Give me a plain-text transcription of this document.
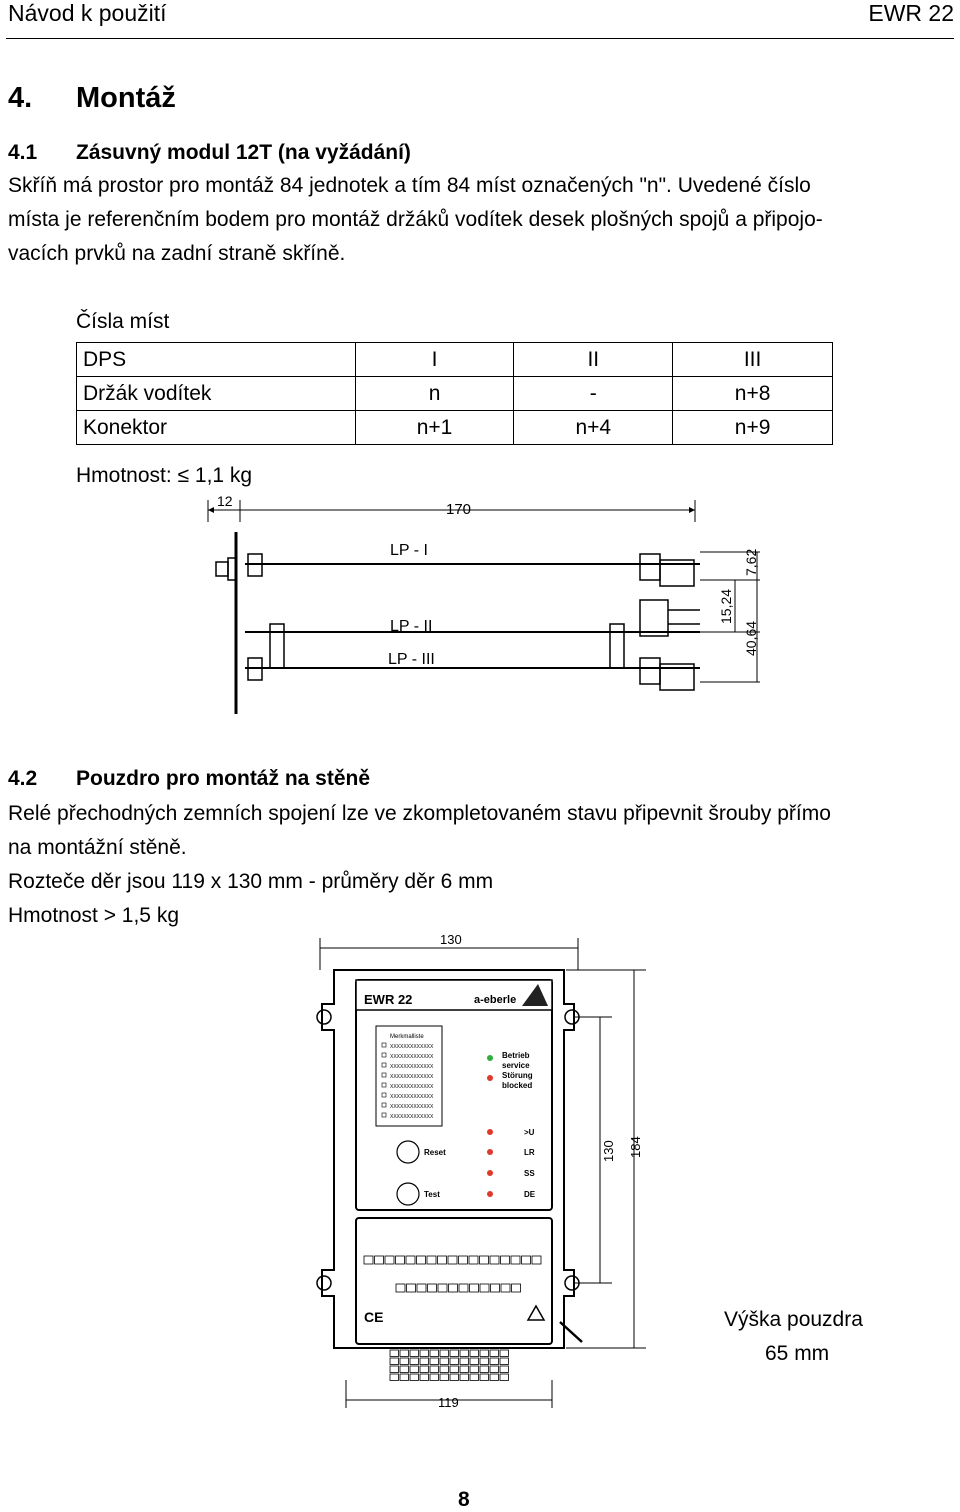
Návod k použití	EWR 22
4. Montáž
4.1 Zásuvný modul 12T (na vyžádání)
Skříň má prostor pro montáž 84 jednotek a tím 84 míst označených "n". Uvedené číslo
místa je referenčním bodem pro montáž držáků vodítek desek plošných spojů a připojo-
vacích prvků na zadní straně skříně.
Čísla míst
DPS	I	II	III
Držák vodítek	n	-	n+8
Konektor	n+1	n+4	n+9
Hmotnost: ≤ 1,1 kg
12	170
LP - I
LP - II
LP - III
15,24
7,62
40,64
4.2 Pouzdro pro montáž na stěně
Relé přechodných zemních spojení lze ve zkompletovaném stavu připevnit šrouby přímo
na montážní stěně.
Rozteče děr jsou 119 x 130 mm - průměry děr 6 mm
Hmotnost > 1,5 kg
130
EWR 22	a-eberle
Merkmalliste
XXXXXXXXXXXXX
XXXXXXXXXXXXX
XXXXXXXXXXXXX
XXXXXXXXXXXXX
XXXXXXXXXXXXX
XXXXXXXXXXXXX
XXXXXXXXXXXXX
XXXXXXXXXXXXX
Betrieb
service
Störung
blocked
>U
LR
SS
DE
Reset
Test
CE
119
130 184
Výška pouzdra
65 mm
8
